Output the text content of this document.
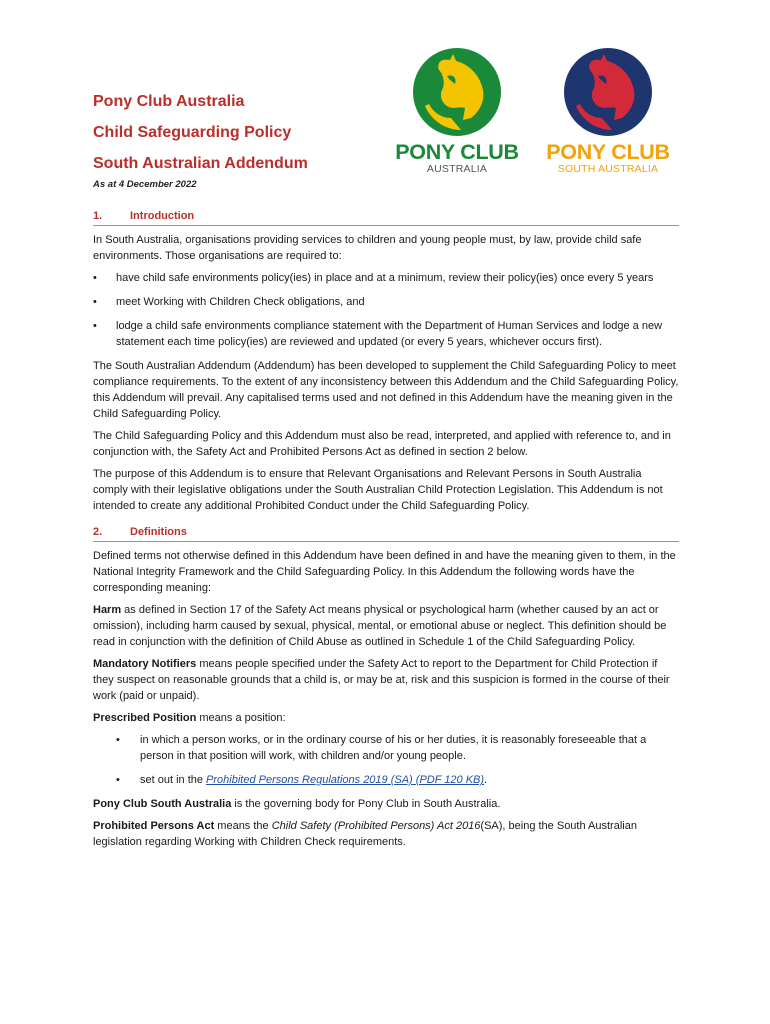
Pony Club Australia
Child Safeguarding Policy
South Australian Addendum
As at 4 December 2022
PONY CLUB
AUSTRALIA
PONY CLUB
SOUTH AUSTRALIA
1.	Introduction

In South Australia, organisations providing services to children and young people must, by law, provide child safe environments. Those organisations are required to:

• have child safe environments policy(ies) in place and at a minimum, review their policy(ies) once every 5 years
• meet Working with Children Check obligations, and
• lodge a child safe environments compliance statement with the Department of Human Services and lodge a new statement each time policy(ies) are reviewed and updated (or every 5 years, whichever occurs first).

The South Australian Addendum (Addendum) has been developed to supplement the Child Safeguarding Policy to meet compliance requirements. To the extent of any inconsistency between this Addendum and the Child Safeguarding Policy, this Addendum will prevail. Any capitalised terms used and not defined in this Addendum have the meaning given in the Child Safeguarding Policy.

The Child Safeguarding Policy and this Addendum must also be read, interpreted, and applied with reference to, and in conjunction with, the Safety Act and Prohibited Persons Act as defined in section 2 below.

The purpose of this Addendum is to ensure that Relevant Organisations and Relevant Persons in South Australia comply with their legislative obligations under the South Australian Child Protection Legislation. This Addendum is not intended to create any additional Prohibited Conduct under the Child Safeguarding Policy.

2.	Definitions

Defined terms not otherwise defined in this Addendum have been defined in and have the meaning given to them, in the National Integrity Framework and the Child Safeguarding Policy. In this Addendum the following words have the corresponding meaning:

Harm as defined in Section 17 of the Safety Act means physical or psychological harm (whether caused by an act or omission), including harm caused by sexual, physical, mental, or emotional abuse or neglect. This definition should be read in conjunction with the definition of Child Abuse as outlined in Schedule 1 of the Child Safeguarding Policy.

Mandatory Notifiers means people specified under the Safety Act to report to the Department for Child Protection if they suspect on reasonable grounds that a child is, or may be at, risk and this suspicion is formed in the course of their work (paid or unpaid).

Prescribed Position means a position:

• in which a person works, or in the ordinary course of his or her duties, it is reasonably foreseeable that a person in that position will work, with children and/or young people.
• set out in the Prohibited Persons Regulations 2019 (SA) (PDF 120 KB).

Pony Club South Australia is the governing body for Pony Club in South Australia.

Prohibited Persons Act means the Child Safety (Prohibited Persons) Act 2016(SA), being the South Australian legislation regarding Working with Children Check requirements.
